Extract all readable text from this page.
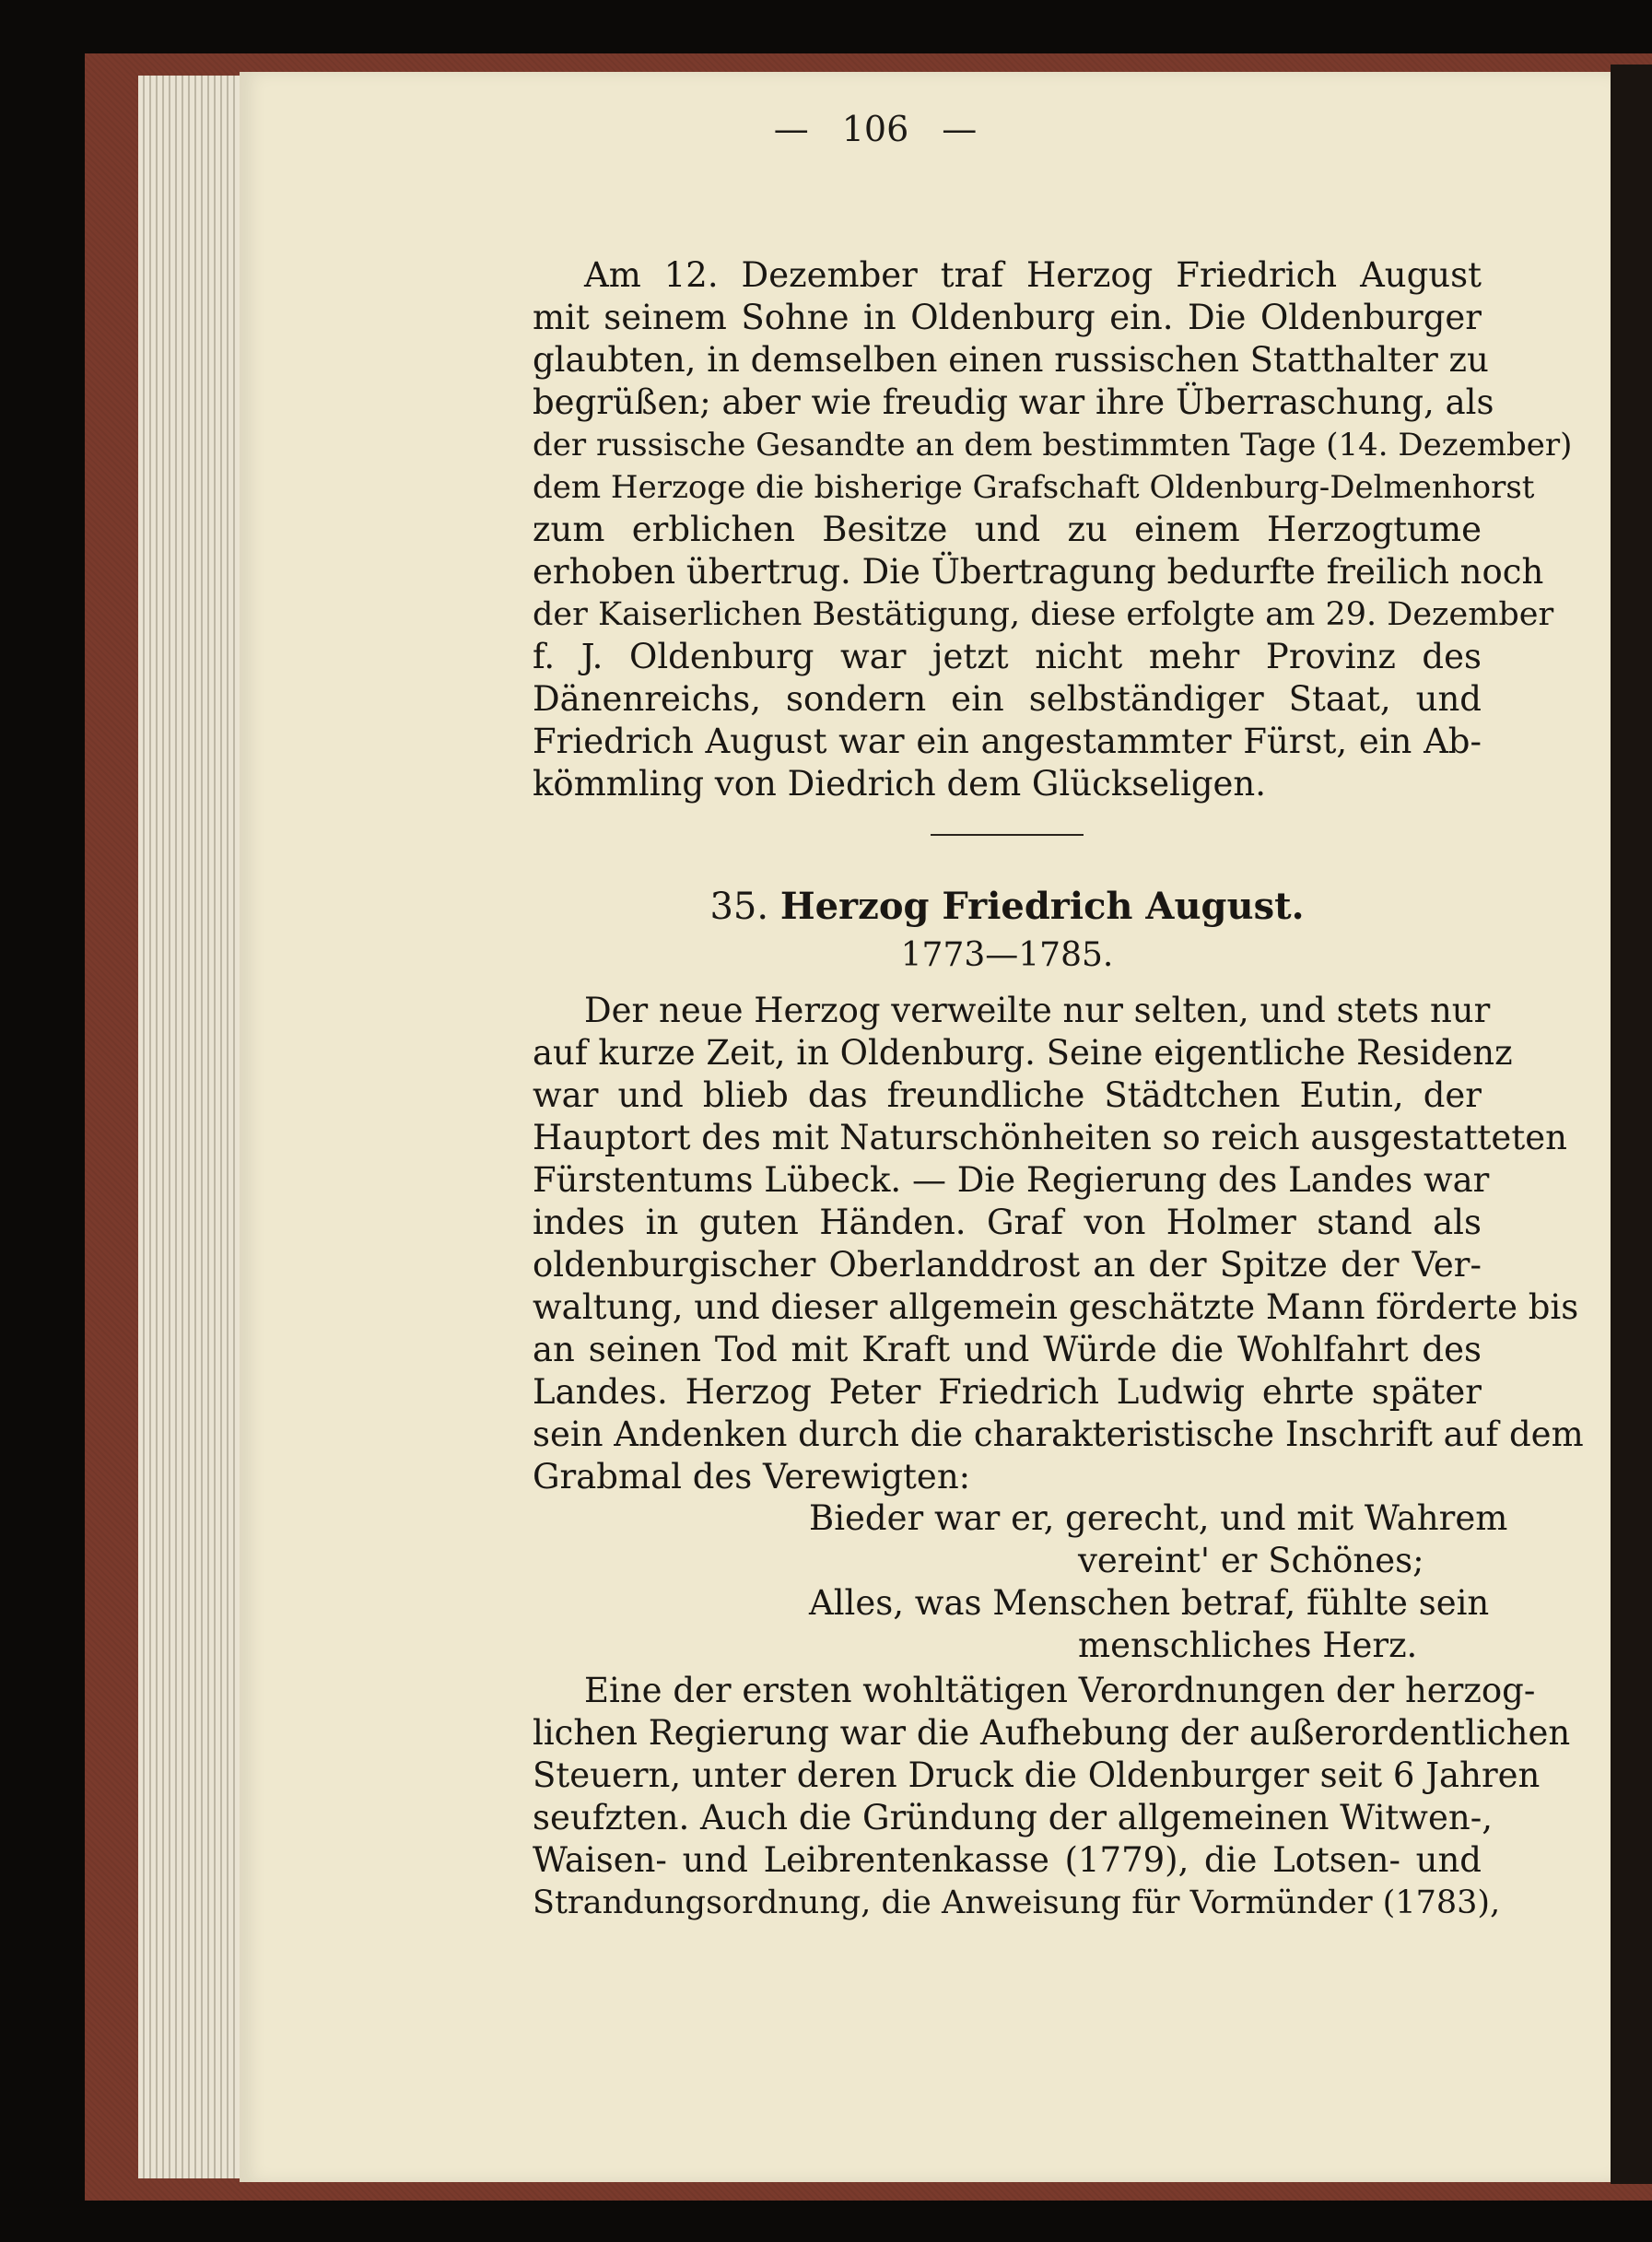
— 106 —
Am 12. Dezember traf Herzog Friedrich August
mit seinem Sohne in Oldenburg ein. Die Oldenburger
glaubten, in demselben einen russischen Statthalter zu
begrüßen; aber wie freudig war ihre Überraschung, als
der russische Gesandte an dem bestimmten Tage (14. Dezember)
dem Herzoge die bisherige Grafschaft Oldenburg-Delmenhorst
zum erblichen Besitze und zu einem Herzogtume
erhoben übertrug. Die Übertragung bedurfte freilich noch
der Kaiserlichen Bestätigung, diese erfolgte am 29. Dezember
f. J. Oldenburg war jetzt nicht mehr Provinz des
Dänenreichs, sondern ein selbständiger Staat, und
Friedrich August war ein angestammter Fürst, ein Ab-
kömmling von Diedrich dem Glückseligen.
35. Herzog Friedrich August.
1773—1785.
Der neue Herzog verweilte nur selten, und stets nur
auf kurze Zeit, in Oldenburg. Seine eigentliche Residenz
war und blieb das freundliche Städtchen Eutin, der
Hauptort des mit Naturschönheiten so reich ausgestatteten
Fürstentums Lübeck. — Die Regierung des Landes war
indes in guten Händen. Graf von Holmer stand als
oldenburgischer Oberlanddrost an der Spitze der Ver-
waltung, und dieser allgemein geschätzte Mann förderte bis
an seinen Tod mit Kraft und Würde die Wohlfahrt des
Landes. Herzog Peter Friedrich Ludwig ehrte später
sein Andenken durch die charakteristische Inschrift auf dem
Grabmal des Verewigten:
Bieder war er, gerecht, und mit Wahrem
vereint' er Schönes;
Alles, was Menschen betraf, fühlte sein
menschliches Herz.
Eine der ersten wohltätigen Verordnungen der herzog-
lichen Regierung war die Aufhebung der außerordentlichen
Steuern, unter deren Druck die Oldenburger seit 6 Jahren
seufzten. Auch die Gründung der allgemeinen Witwen-,
Waisen- und Leibrentenkasse (1779), die Lotsen- und
Strandungsordnung, die Anweisung für Vormünder (1783),
